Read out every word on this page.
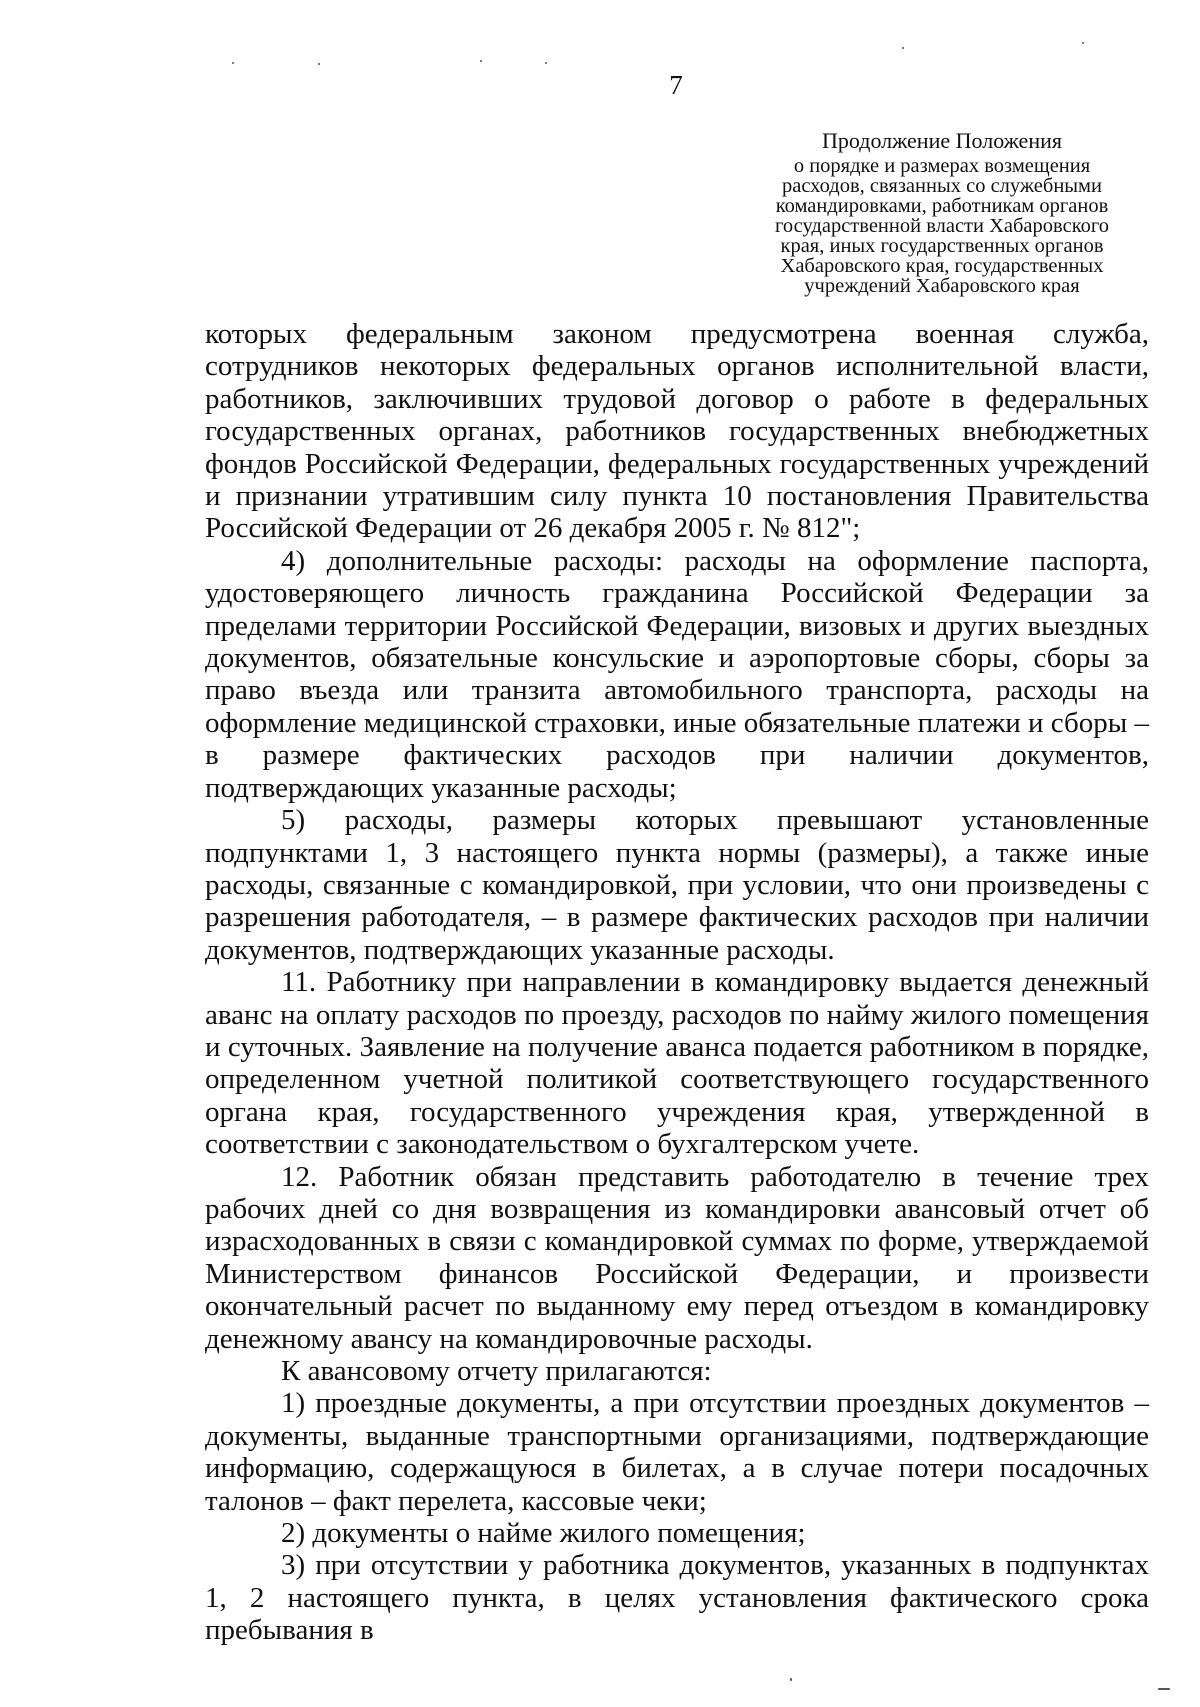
7
Продолжение Положения
о порядке и размерах возмещения
расходов, связанных со служебными
командировками, работникам органов
государственной власти Хабаровского
края, иных государственных органов
Хабаровского края, государственных
учреждений Хабаровского края

которых федеральным законом предусмотрена военная служба, сотрудников некоторых федеральных органов исполнительной власти, работников, заключивших трудовой договор о работе в федеральных государственных органах, работников государственных внебюджетных фондов Российской Федерации, федеральных государственных учреждений и признании утратившим силу пункта 10 постановления Правительства Российской Федерации от 26 декабря 2005 г. № 812";

4) дополнительные расходы: расходы на оформление паспорта, удостоверяющего личность гражданина Российской Федерации за пределами территории Российской Федерации, визовых и других выездных документов, обязательные консульские и аэропортовые сборы, сборы за право въезда или транзита автомобильного транспорта, расходы на оформление медицинской страховки, иные обязательные платежи и сборы – в размере фактических расходов при наличии документов, подтверждающих указанные расходы;

5) расходы, размеры которых превышают установленные подпунктами 1, 3 настоящего пункта нормы (размеры), а также иные расходы, связанные с командировкой, при условии, что они произведены с разрешения работодателя, – в размере фактических расходов при наличии документов, подтверждающих указанные расходы.

11. Работнику при направлении в командировку выдается денежный аванс на оплату расходов по проезду, расходов по найму жилого помещения и суточных. Заявление на получение аванса подается работником в порядке, определенном учетной политикой соответствующего государственного органа края, государственного учреждения края, утвержденной в соответствии с законодательством о бухгалтерском учете.

12. Работник обязан представить работодателю в течение трех рабочих дней со дня возвращения из командировки авансовый отчет об израсходованных в связи с командировкой суммах по форме, утверждаемой Министерством финансов Российской Федерации, и произвести окончательный расчет по выданному ему перед отъездом в командировку денежному авансу на командировочные расходы.

К авансовому отчету прилагаются:

1) проездные документы, а при отсутствии проездных документов – документы, выданные транспортными организациями, подтверждающие информацию, содержащуюся в билетах, а в случае потери посадочных талонов – факт перелета, кассовые чеки;

2) документы о найме жилого помещения;

3) при отсутствии у работника документов, указанных в подпунктах 1, 2 настоящего пункта, в целях установления фактического срока пребывания в
